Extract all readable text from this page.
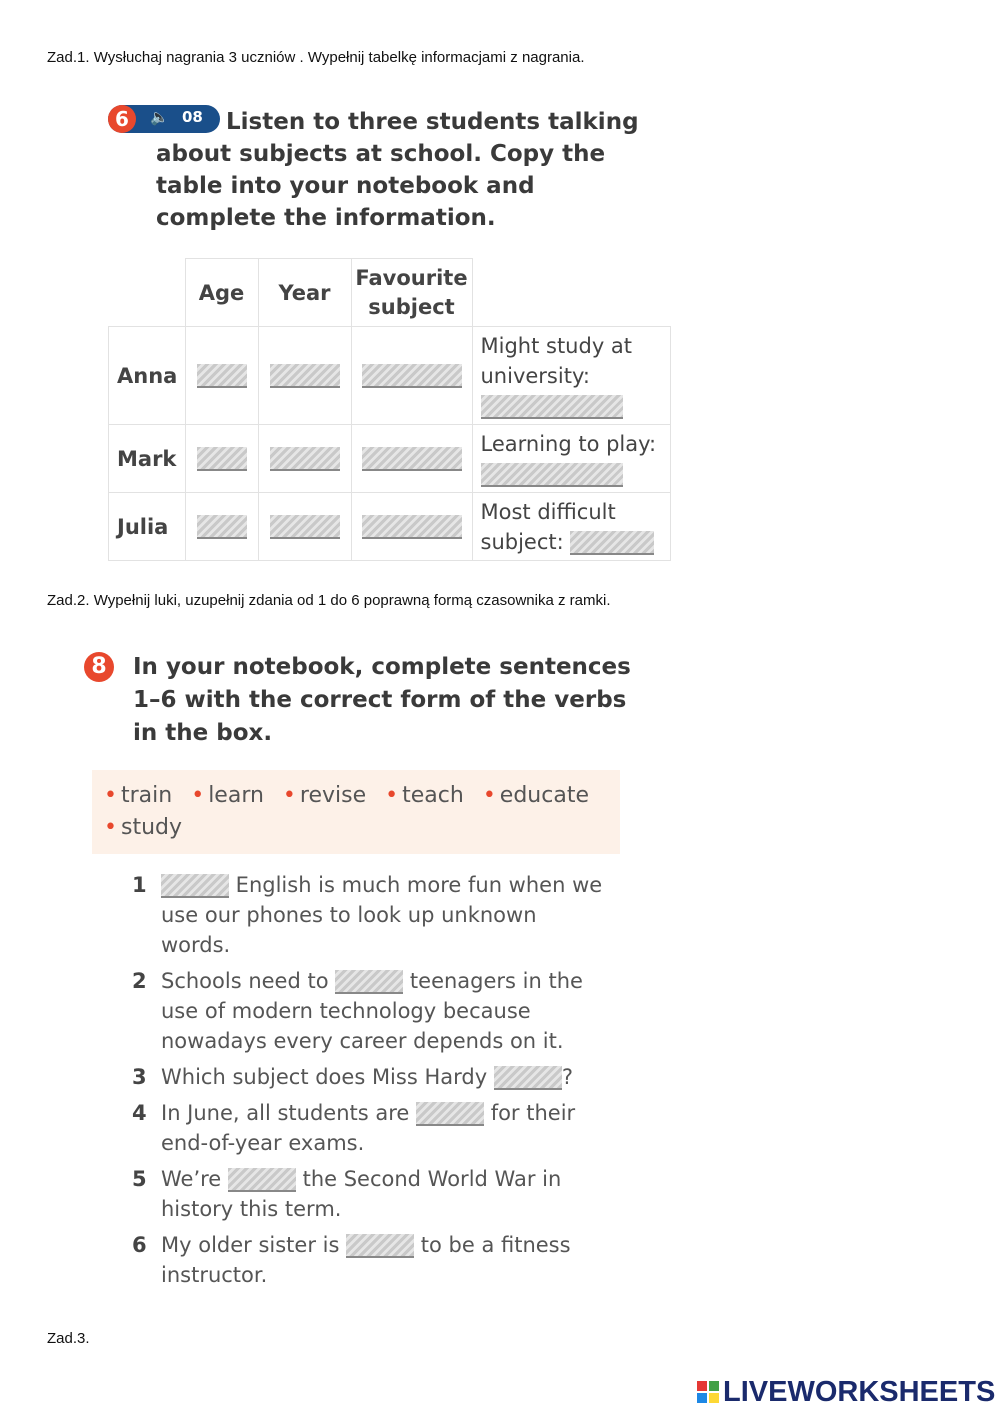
Zad.1. Wysłuchaj nagrania 3 uczniów . Wypełnij tabelkę informacjami z nagrania.
6	🔈 08	Listen to three students talking about subjects at school. Copy the table into your notebook and complete the information.
	Age	Year	Favourite subject	
Anna				Might study at university:

Mark				Learning to play:

Julia				Most difficult subject:
Zad.2. Wypełnij luki, uzupełnij zdania od 1 do 6 poprawną formą czasownika z ramki.
8	In your notebook, complete sentences 1–6 with the correct form of the verbs in the box.
• train • learn • revise • teach • educate
• study
1	English is much more fun when we use our phones to look up unknown words.
2 Schools need to	teenagers in the use of modern technology because nowadays every career depends on it.
3 Which subject does Miss Hardy	?
4 In June, all students are	for their end-of-year exams.
5 We’re	the Second World War in history this term.
6 My older sister is	to be a fitness instructor.
Zad.3.
LIVEWORKSHEETS
